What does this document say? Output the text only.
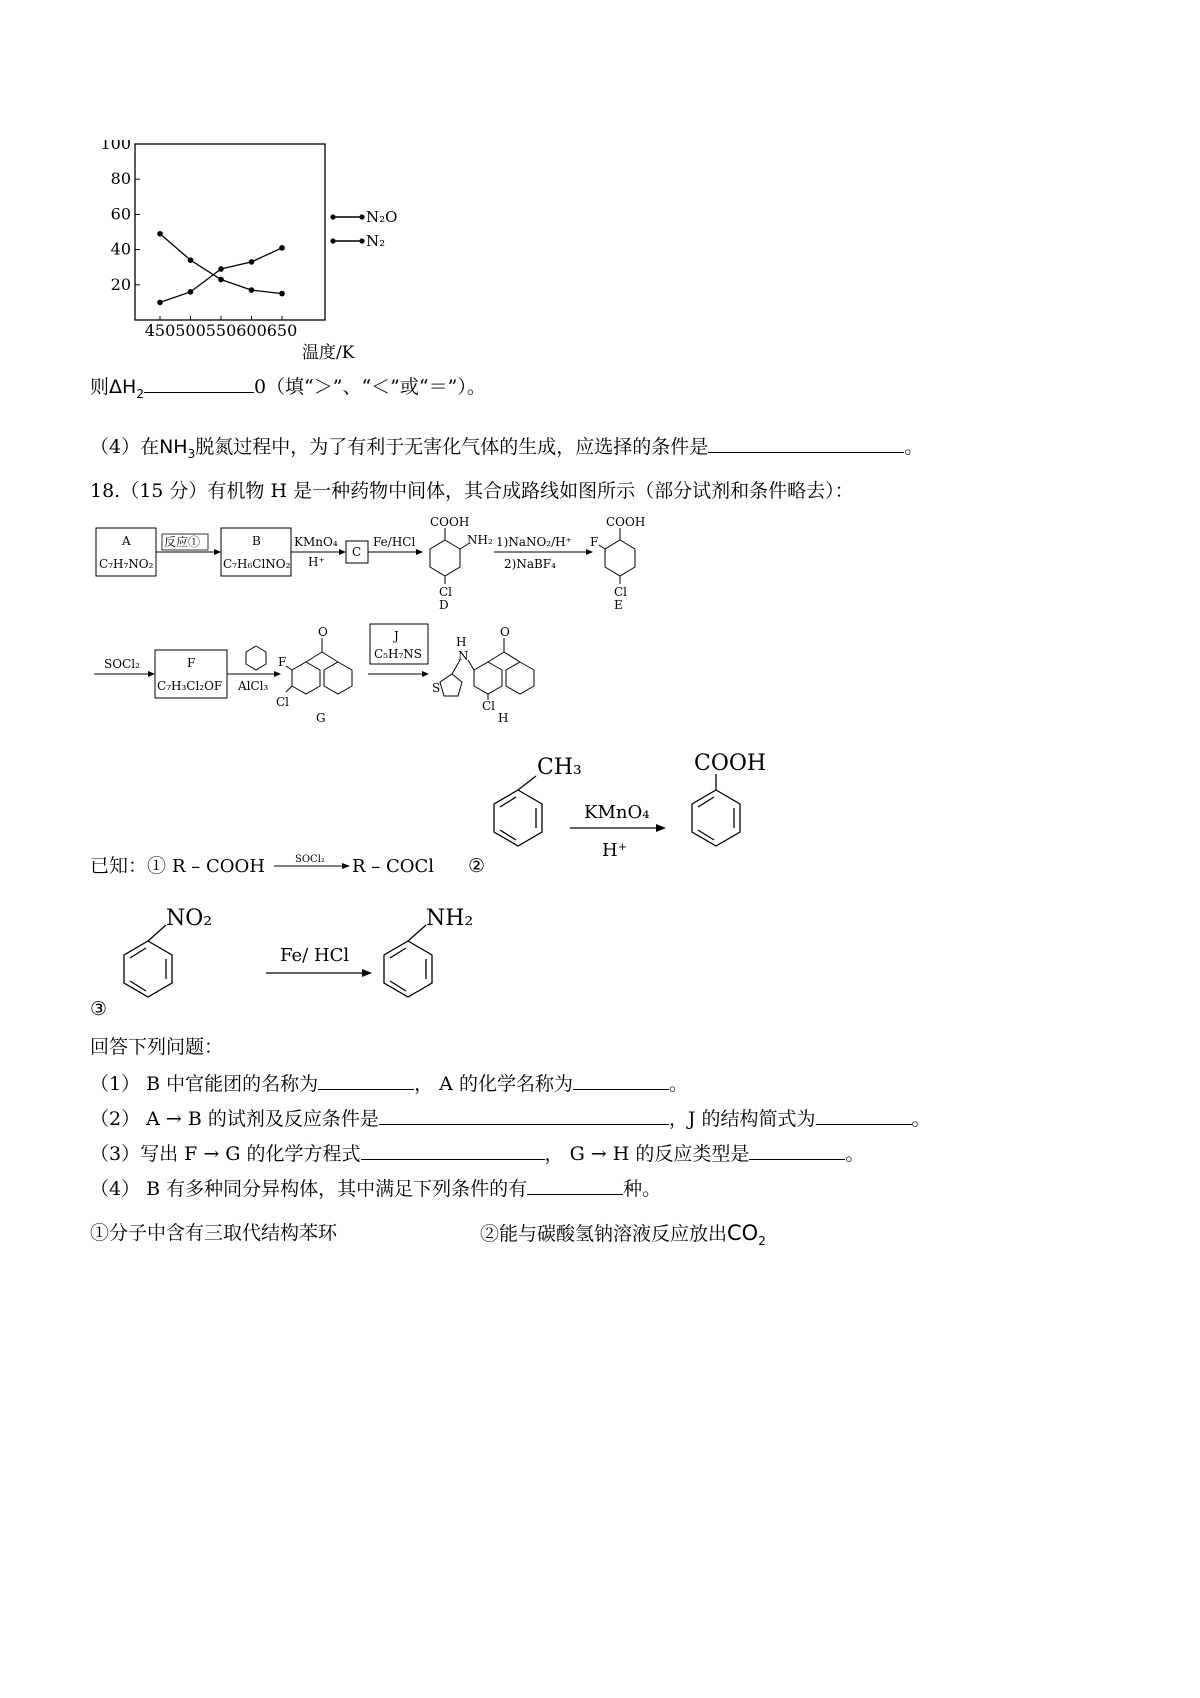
20
40
60
80
100
450 500 550 600 650
温度/K
N₂O
N₂
则$\Delta H_2$	0（填“＞”、“＜”或“＝”）。
（4）在$NH_3$脱氮过程中，为了有利于无害化气体的生成，应选择的条件是	。
18.（15 分）有机物 H 是一种药物中间体，其合成路线如图所示（部分试剂和条件略去）：
A
C₇H₇NO₂
反应①	B
C₇H₆ClNO₂
KMnO₄
H⁺
C
Fe/HCl
COOH
NH₂
Cl
D
1)NaNO₂/H⁺
2)NaBF₄
COOH
F
Cl
E
SOCl₂	F
C₇H₃Cl₂OF AlCl₃
O
F
Cl
G
J
C₅H₇NS
O
H
N
S
Cl
H
已知：① R – COOH	SOCl₂ R – COCl ②
CH₃
KMnO₄
H⁺
COOH
③
NO₂
Fe/ HCl
NH₂
回答下列问题：
（1） B 中官能团的名称为	， A 的化学名称为	。
（2） A → B 的试剂及反应条件是	，J 的结构简式为	。
（3）写出 F → G 的化学方程式	， G → H 的反应类型是	。
（4） B 有多种同分异构体，其中满足下列条件的有	种。
①分子中含有三取代结构苯环	②能与碳酸氢钠溶液反应放出$CO_2$
